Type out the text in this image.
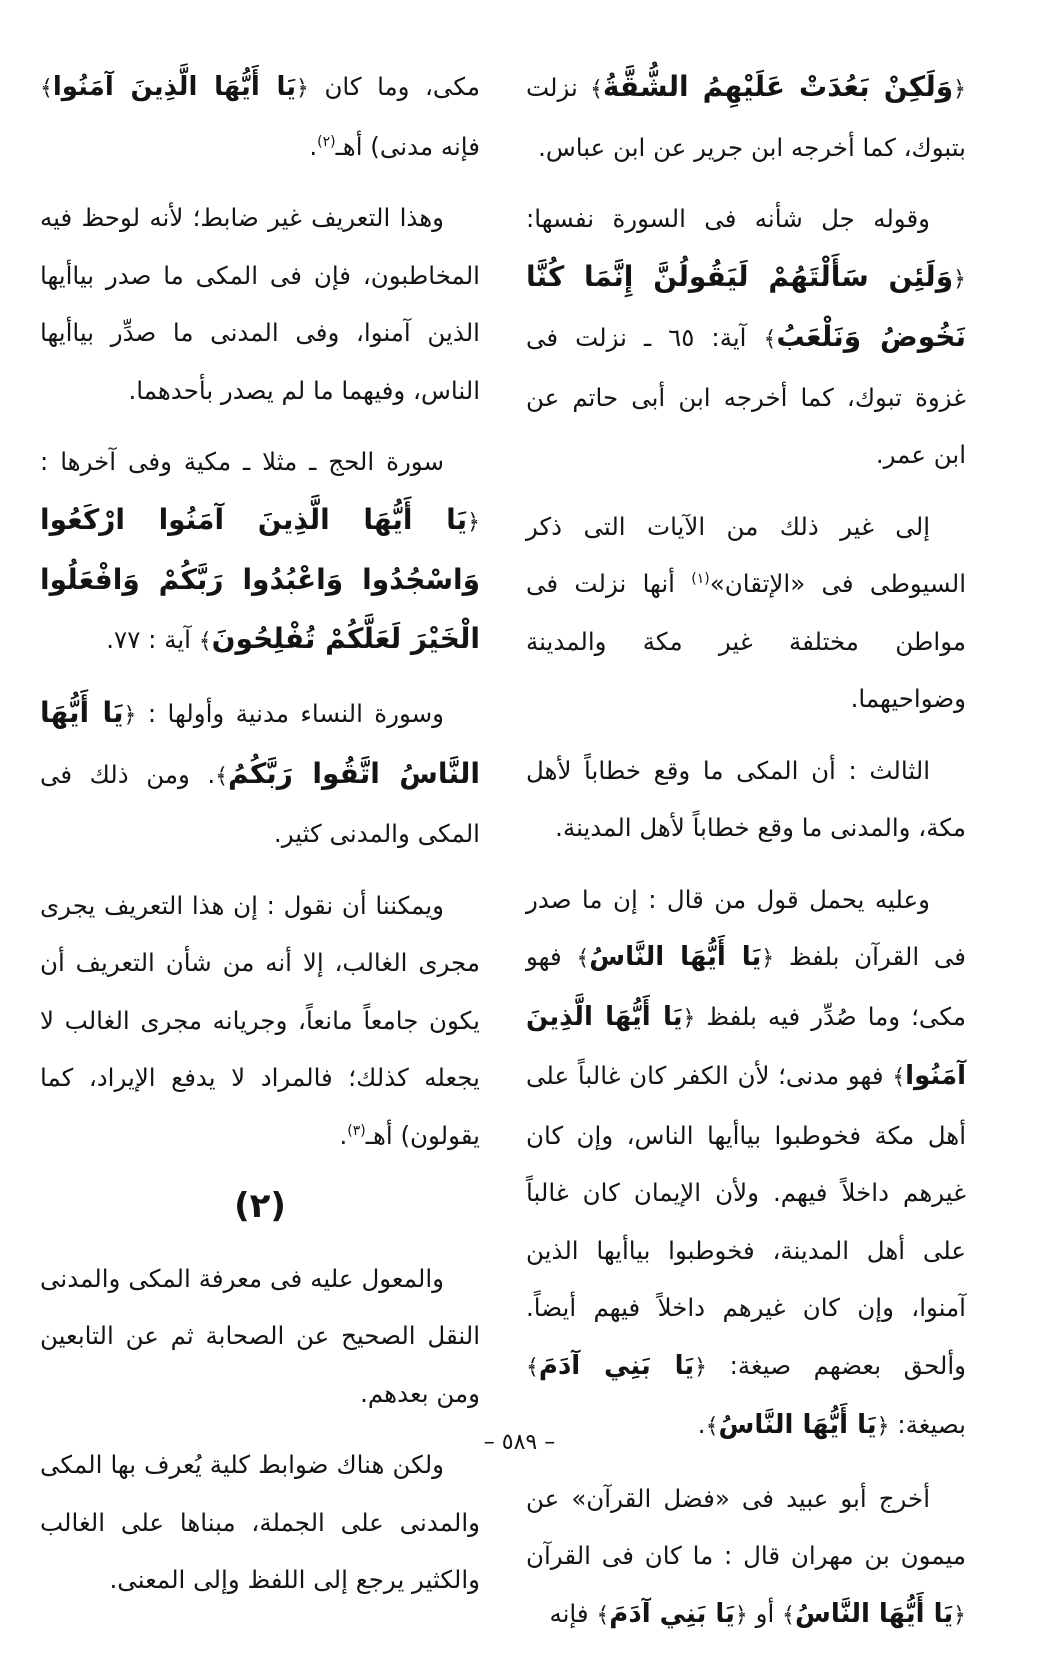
﴿وَلَكِنْ بَعُدَتْ عَلَيْهِمُ الشُّقَّةُ﴾ نزلت بتبوك، كما أخرجه ابن جرير عن ابن عباس.

وقوله جل شأنه فى السورة نفسها: ﴿وَلَئِن سَأَلْتَهُمْ لَيَقُولُنَّ إِنَّمَا كُنَّا نَخُوضُ وَنَلْعَبُ﴾ آية: ٦٥ ـ نزلت فى غزوة تبوك، كما أخرجه ابن أبى حاتم عن ابن عمر.

إلى غير ذلك من الآيات التى ذكر السيوطى فى «الإتقان»$^{(١)}$ أنها نزلت فى مواطن مختلفة غير مكة والمدينة وضواحيهما.

الثالث : أن المكى ما وقع خطاباً لأهل مكة، والمدنى ما وقع خطاباً لأهل المدينة.

وعليه يحمل قول من قال : إن ما صدر فى القرآن بلفظ ﴿يَا أَيُّهَا النَّاسُ﴾ فهو مكى؛ وما صُدِّر فيه بلفظ ﴿يَا أَيُّهَا الَّذِينَ آمَنُوا﴾ فهو مدنى؛ لأن الكفر كان غالباً على أهل مكة فخوطبوا بياأيها الناس، وإن كان غيرهم داخلاً فيهم. ولأن الإيمان كان غالباً على أهل المدينة، فخوطبوا بياأيها الذين آمنوا، وإن كان غيرهم داخلاً فيهم أيضاً. وألحق بعضهم صيغة: ﴿يَا بَنِي آدَمَ﴾ بصيغة: ﴿يَا أَيُّهَا النَّاسُ﴾.

أخرج أبو عبيد فى «فضل القرآن» عن ميمون بن مهران قال : ما كان فى القرآن ﴿يَا أَيُّهَا النَّاسُ﴾ أو ﴿يَا بَنِي آدَمَ﴾ فإنه

مكى، وما كان ﴿يَا أَيُّهَا الَّذِينَ آمَنُوا﴾ فإنه مدنى) أهـ$^{(٢)}$.

وهذا التعريف غير ضابط؛ لأنه لوحظ فيه المخاطبون، فإن فى المكى ما صدر بياأيها الذين آمنوا، وفى المدنى ما صدِّر بياأيها الناس، وفيهما ما لم يصدر بأحدهما.

سورة الحج ـ مثلا ـ مكية وفى آخرها : ﴿يَا أَيُّهَا الَّذِينَ آمَنُوا ارْكَعُوا وَاسْجُدُوا وَاعْبُدُوا رَبَّكُمْ وَافْعَلُوا الْخَيْرَ لَعَلَّكُمْ تُفْلِحُونَ﴾ آية : ٧٧.

وسورة النساء مدنية وأولها : ﴿يَا أَيُّهَا النَّاسُ اتَّقُوا رَبَّكُمُ﴾. ومن ذلك فى المكى والمدنى كثير.

ويمكننا أن نقول : إن هذا التعريف يجرى مجرى الغالب، إلا أنه من شأن التعريف أن يكون جامعاً مانعاً، وجريانه مجرى الغالب لا يجعله كذلك؛ فالمراد لا يدفع الإيراد، كما يقولون) أهـ$^{(٣)}$.

(٢)

والمعول عليه فى معرفة المكى والمدنى النقل الصحيح عن الصحابة ثم عن التابعين ومن بعدهم.

ولكن هناك ضوابط كلية يُعرف بها المكى والمدنى على الجملة، مبناها على الغالب والكثير يرجع إلى اللفظ وإلى المعنى.

– ٥٨٩ –
